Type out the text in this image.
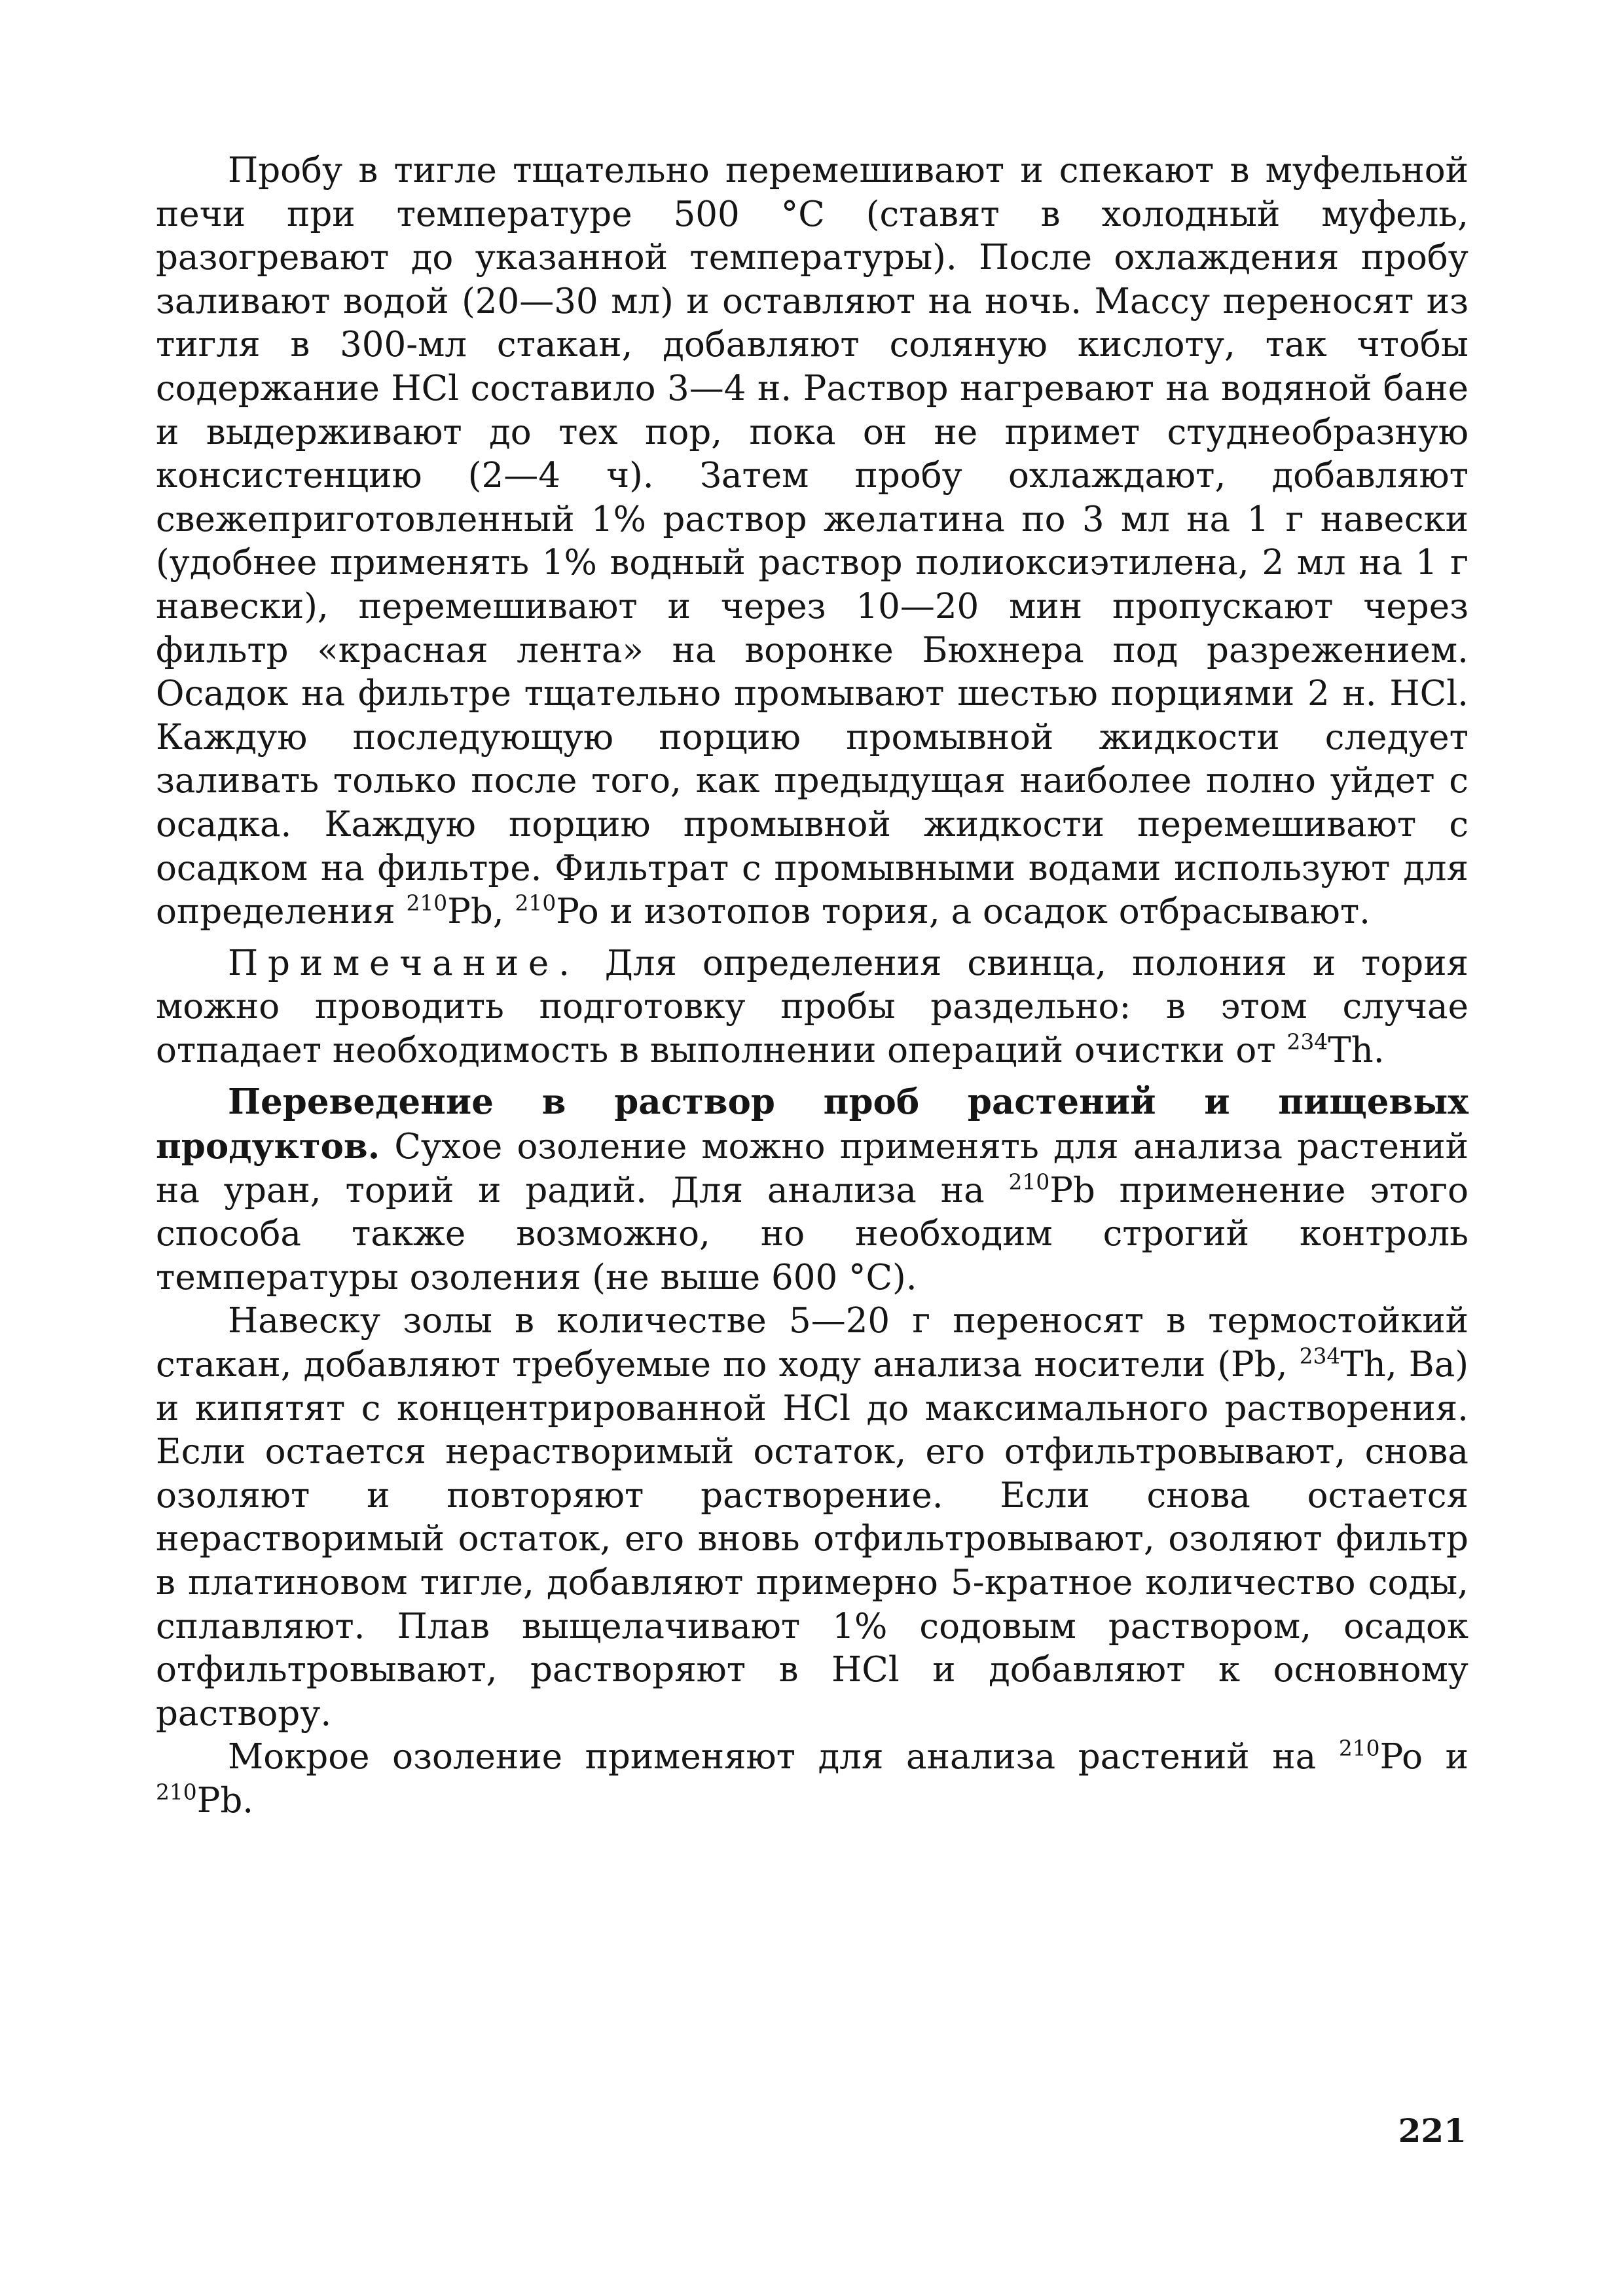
Пробу в тигле тщательно перемешивают и спекают в муфельной печи при температуре 500 °С (ставят в холодный муфель, разогревают до указанной температуры). После охлаждения пробу заливают водой (20—30 мл) и оставляют на ночь. Массу переносят из тигля в 300-мл стакан, добавляют соляную кислоту, так чтобы содержание НСl составило 3—4 н. Раствор нагревают на водяной бане и выдерживают до тех пор, пока он не примет студнеобразную консистенцию (2—4 ч). Затем пробу охлаждают, добавляют свежеприготовленный 1% раствор желатина по 3 мл на 1 г навески (удобнее применять 1% водный раствор полиоксиэтилена, 2 мл на 1 г навески), перемешивают и через 10—20 мин пропускают через фильтр «красная лента» на воронке Бюхнера под разрежением. Осадок на фильтре тщательно промывают шестью порциями 2 н. НСl. Каждую последующую порцию промывной жидкости следует заливать только после того, как предыдущая наиболее полно уйдет с осадка. Каждую порцию промывной жидкости перемешивают с осадком на фильтре. Фильтрат с промывными водами используют для определения $^{210}$Pb, $^{210}$Po и изотопов тория, а осадок отбрасывают.

Примечание. Для определения свинца, полония и тория можно проводить подготовку пробы раздельно: в этом случае отпадает необходимость в выполнении операций очистки от $^{234}$Th.

Переведение в раствор проб растений и пищевых продуктов. Сухое озоление можно применять для анализа растений на уран, торий и радий. Для анализа на $^{210}$Pb применение этого способа также возможно, но необходим строгий контроль температуры озоления (не выше 600 °С).

Навеску золы в количестве 5—20 г переносят в термостойкий стакан, добавляют требуемые по ходу анализа носители (Pb, $^{234}$Th, Ba) и кипятят с концентрированной НСl до максимального растворения. Если остается нерастворимый остаток, его отфильтровывают, снова озоляют и повторяют растворение. Если снова остается нерастворимый остаток, его вновь отфильтровывают, озоляют фильтр в платиновом тигле, добавляют примерно 5-кратное количество соды, сплавляют. Плав выщелачивают 1% содовым раствором, осадок отфильтровывают, растворяют в НСl и добавляют к основному раствору.

Мокрое озоление применяют для анализа растений на $^{210}$Po и $^{210}$Pb.

221
